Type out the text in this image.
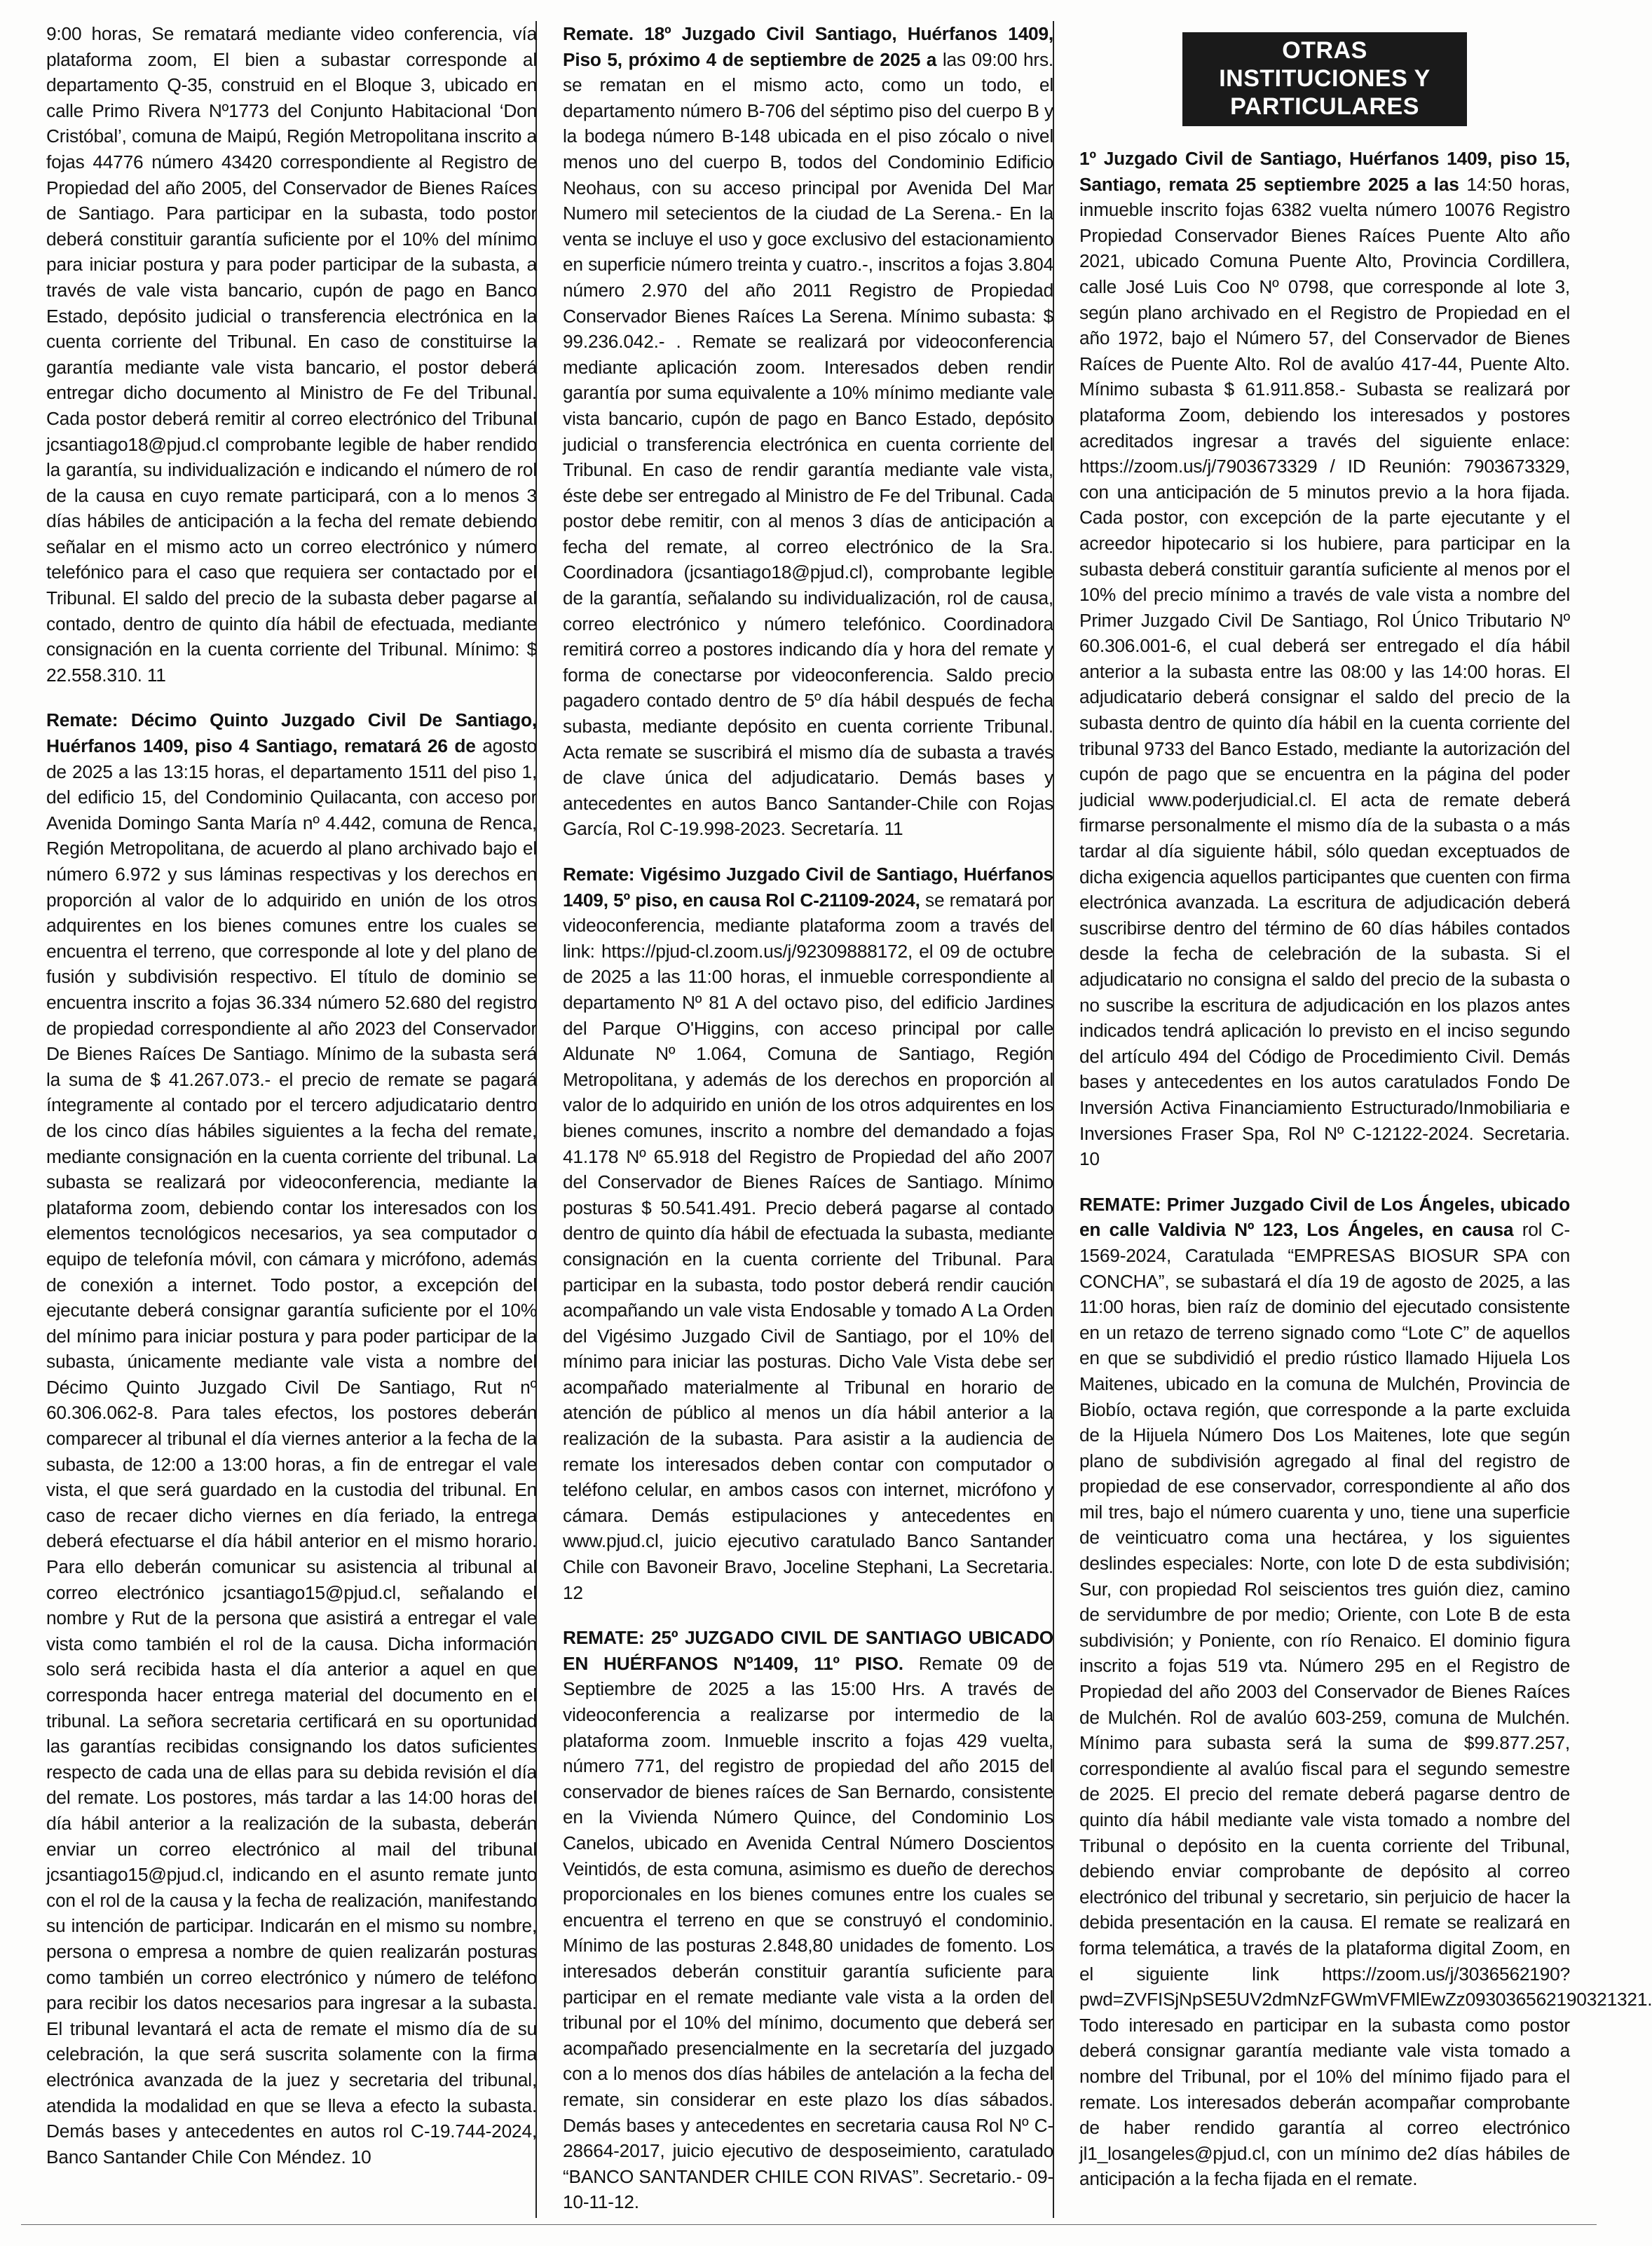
9:00 horas, Se rematará mediante video conferencia, vía plataforma zoom, El bien a subastar corresponde al departamento Q-35, construid en el Bloque 3, ubicado en calle Primo Rivera Nº1773 del Conjunto Habitacional ‘Don Cristóbal’, comuna de Maipú, Región Metropolitana inscrito a fojas 44776 número 43420 correspondiente al Registro de Propiedad del año 2005, del Conservador de Bienes Raíces de Santiago. Para participar en la subasta, todo postor deberá constituir garantía suficiente por el 10% del mínimo para iniciar postura y para poder participar de la subasta, a través de vale vista bancario, cupón de pago en Banco Estado, depósito judicial o transferencia electrónica en la cuenta corriente del Tribunal. En caso de constituirse la garantía mediante vale vista bancario, el postor deberá entregar dicho documento al Ministro de Fe del Tribunal. Cada postor deberá remitir al correo electrónico del Tribunal jcsantiago18@pjud.cl comprobante legible de haber rendido la garantía, su individualización e indicando el número de rol de la causa en cuyo remate participará, con a lo menos 3 días hábiles de anticipación a la fecha del remate debiendo señalar en el mismo acto un correo electrónico y número telefónico para el caso que requiera ser contactado por el Tribunal. El saldo del precio de la subasta deber pagarse al contado, dentro de quinto día hábil de efectuada, mediante consignación en la cuenta corriente del Tribunal. Mínimo: $ 22.558.310. 11

Remate: Décimo Quinto Juzgado Civil De Santiago, Huérfanos 1409, piso 4 Santiago, rematará 26 de agosto de 2025 a las 13:15 horas, el departamento 1511 del piso 1, del edificio 15, del Condominio Quilacanta, con acceso por Avenida Domingo Santa María nº 4.442, comuna de Renca, Región Metropolitana, de acuerdo al plano archivado bajo el número 6.972 y sus láminas respectivas y los derechos en proporción al valor de lo adquirido en unión de los otros adquirentes en los bienes comunes entre los cuales se encuentra el terreno, que corresponde al lote y del plano de fusión y subdivisión respectivo. El título de dominio se encuentra inscrito a fojas 36.334 número 52.680 del registro de propiedad correspondiente al año 2023 del Conservador De Bienes Raíces De Santiago. Mínimo de la subasta será la suma de $ 41.267.073.- el precio de remate se pagará íntegramente al contado por el tercero adjudicatario dentro de los cinco días hábiles siguientes a la fecha del remate, mediante consignación en la cuenta corriente del tribunal. La subasta se realizará por videoconferencia, mediante la plataforma zoom, debiendo contar los interesados con los elementos tecnológicos necesarios, ya sea computador o equipo de telefonía móvil, con cámara y micrófono, además de conexión a internet. Todo postor, a excepción del ejecutante deberá consignar garantía suficiente por el 10% del mínimo para iniciar postura y para poder participar de la subasta, únicamente mediante vale vista a nombre del Décimo Quinto Juzgado Civil De Santiago, Rut nº 60.306.062-8. Para tales efectos, los postores deberán comparecer al tribunal el día viernes anterior a la fecha de la subasta, de 12:00 a 13:00 horas, a fin de entregar el vale vista, el que será guardado en la custodia del tribunal. En caso de recaer dicho viernes en día feriado, la entrega deberá efectuarse el día hábil anterior en el mismo horario. Para ello deberán comunicar su asistencia al tribunal al correo electrónico jcsantiago15@pjud.cl, señalando el nombre y Rut de la persona que asistirá a entregar el vale vista como también el rol de la causa. Dicha información solo será recibida hasta el día anterior a aquel en que corresponda hacer entrega material del documento en el tribunal. La señora secretaria certificará en su oportunidad las garantías recibidas consignando los datos suficientes respecto de cada una de ellas para su debida revisión el día del remate. Los postores, más tardar a las 14:00 horas del día hábil anterior a la realización de la subasta, deberán enviar un correo electrónico al mail del tribunal jcsantiago15@pjud.cl, indicando en el asunto remate junto con el rol de la causa y la fecha de realización, manifestando su intención de participar. Indicarán en el mismo su nombre, persona o empresa a nombre de quien realizarán posturas como también un correo electrónico y número de teléfono para recibir los datos necesarios para ingresar a la subasta. El tribunal levantará el acta de remate el mismo día de su celebración, la que será suscrita solamente con la firma electrónica avanzada de la juez y secretaria del tribunal, atendida la modalidad en que se lleva a efecto la subasta. Demás bases y antecedentes en autos rol C-19.744-2024, Banco Santander Chile Con Méndez. 10

Remate. 18º Juzgado Civil Santiago, Huérfanos 1409, Piso 5, próximo 4 de septiembre de 2025 a las 09:00 hrs. se rematan en el mismo acto, como un todo, el departamento número B-706 del séptimo piso del cuerpo B y la bodega número B-148 ubicada en el piso zócalo o nivel menos uno del cuerpo B, todos del Condominio Edificio Neohaus, con su acceso principal por Avenida Del Mar Numero mil setecientos de la ciudad de La Serena.- En la venta se incluye el uso y goce exclusivo del estacionamiento en superficie número treinta y cuatro.-, inscritos a fojas 3.804 número 2.970 del año 2011 Registro de Propiedad Conservador Bienes Raíces La Serena. Mínimo subasta: $ 99.236.042.- . Remate se realizará por videoconferencia mediante aplicación zoom. Interesados deben rendir garantía por suma equivalente a 10% mínimo mediante vale vista bancario, cupón de pago en Banco Estado, depósito judicial o transferencia electrónica en cuenta corriente del Tribunal. En caso de rendir garantía mediante vale vista, éste debe ser entregado al Ministro de Fe del Tribunal. Cada postor debe remitir, con al menos 3 días de anticipación a fecha del remate, al correo electrónico de la Sra. Coordinadora (jcsantiago18@pjud.cl), comprobante legible de la garantía, señalando su individualización, rol de causa, correo electrónico y número telefónico. Coordinadora remitirá correo a postores indicando día y hora del remate y forma de conectarse por videoconferencia. Saldo precio pagadero contado dentro de 5º día hábil después de fecha subasta, mediante depósito en cuenta corriente Tribunal. Acta remate se suscribirá el mismo día de subasta a través de clave única del adjudicatario. Demás bases y antecedentes en autos Banco Santander-Chile con Rojas García, Rol C-19.998-2023. Secretaría. 11

Remate: Vigésimo Juzgado Civil de Santiago, Huérfanos 1409, 5º piso, en causa Rol C-21109-2024, se rematará por videoconferencia, mediante plataforma zoom a través del link: https://pjud-cl.zoom.us/j/92309888172, el 09 de octubre de 2025 a las 11:00 horas, el inmueble correspondiente al departamento Nº 81 A del octavo piso, del edificio Jardines del Parque O'Higgins, con acceso principal por calle Aldunate Nº 1.064, Comuna de Santiago, Región Metropolitana, y además de los derechos en proporción al valor de lo adquirido en unión de los otros adquirentes en los bienes comunes, inscrito a nombre del demandado a fojas 41.178 Nº 65.918 del Registro de Propiedad del año 2007 del Conservador de Bienes Raíces de Santiago. Mínimo posturas $ 50.541.491. Precio deberá pagarse al contado dentro de quinto día hábil de efectuada la subasta, mediante consignación en la cuenta corriente del Tribunal. Para participar en la subasta, todo postor deberá rendir caución acompañando un vale vista Endosable y tomado A La Orden del Vigésimo Juzgado Civil de Santiago, por el 10% del mínimo para iniciar las posturas. Dicho Vale Vista debe ser acompañado materialmente al Tribunal en horario de atención de público al menos un día hábil anterior a la realización de la subasta. Para asistir a la audiencia de remate los interesados deben contar con computador o teléfono celular, en ambos casos con internet, micrófono y cámara. Demás estipulaciones y antecedentes en www.pjud.cl, juicio ejecutivo caratulado Banco Santander Chile con Bavoneir Bravo, Joceline Stephani, La Secretaria. 12

REMATE: 25º JUZGADO CIVIL DE SANTIAGO UBICADO EN HUÉRFANOS Nº1409, 11º PISO. Remate 09 de Septiembre de 2025 a las 15:00 Hrs. A través de videoconferencia a realizarse por intermedio de la plataforma zoom. Inmueble inscrito a fojas 429 vuelta, número 771, del registro de propiedad del año 2015 del conservador de bienes raíces de San Bernardo, consistente en la Vivienda Número Quince, del Condominio Los Canelos, ubicado en Avenida Central Número Doscientos Veintidós, de esta comuna, asimismo es dueño de derechos proporcionales en los bienes comunes entre los cuales se encuentra el terreno en que se construyó el condominio. Mínimo de las posturas 2.848,80 unidades de fomento. Los interesados deberán constituir garantía suficiente para participar en el remate mediante vale vista a la orden del tribunal por el 10% del mínimo, documento que deberá ser acompañado presencialmente en la secretaría del juzgado con a lo menos dos días hábiles de antelación a la fecha del remate, sin considerar en este plazo los días sábados. Demás bases y antecedentes en secretaria causa Rol Nº C-28664-2017, juicio ejecutivo de desposeimiento, caratulado “BANCO SANTANDER CHILE CON RIVAS”. Secretario.- 09-10-11-12.

OTRAS INSTITUCIONES Y PARTICULARES

1º Juzgado Civil de Santiago, Huérfanos 1409, piso 15, Santiago, remata 25 septiembre 2025 a las 14:50 horas, inmueble inscrito fojas 6382 vuelta número 10076 Registro Propiedad Conservador Bienes Raíces Puente Alto año 2021, ubicado Comuna Puente Alto, Provincia Cordillera, calle José Luis Coo Nº 0798, que corresponde al lote 3, según plano archivado en el Registro de Propiedad en el año 1972, bajo el Número 57, del Conservador de Bienes Raíces de Puente Alto. Rol de avalúo 417-44, Puente Alto. Mínimo subasta $ 61.911.858.- Subasta se realizará por plataforma Zoom, debiendo los interesados y postores acreditados ingresar a través del siguiente enlace: https://zoom.us/j/7903673329 / ID Reunión: 7903673329, con una anticipación de 5 minutos previo a la hora fijada. Cada postor, con excepción de la parte ejecutante y el acreedor hipotecario si los hubiere, para participar en la subasta deberá constituir garantía suficiente al menos por el 10% del precio mínimo a través de vale vista a nombre del Primer Juzgado Civil De Santiago, Rol Único Tributario Nº 60.306.001-6, el cual deberá ser entregado el día hábil anterior a la subasta entre las 08:00 y las 14:00 horas. El adjudicatario deberá consignar el saldo del precio de la subasta dentro de quinto día hábil en la cuenta corriente del tribunal 9733 del Banco Estado, mediante la autorización del cupón de pago que se encuentra en la página del poder judicial www.poderjudicial.cl. El acta de remate deberá firmarse personalmente el mismo día de la subasta o a más tardar al día siguiente hábil, sólo quedan exceptuados de dicha exigencia aquellos participantes que cuenten con firma electrónica avanzada. La escritura de adjudicación deberá suscribirse dentro del término de 60 días hábiles contados desde la fecha de celebración de la subasta. Si el adjudicatario no consigna el saldo del precio de la subasta o no suscribe la escritura de adjudicación en los plazos antes indicados tendrá aplicación lo previsto en el inciso segundo del artículo 494 del Código de Procedimiento Civil. Demás bases y antecedentes en los autos caratulados Fondo De Inversión Activa Financiamiento Estructurado/Inmobiliaria e Inversiones Fraser Spa, Rol Nº C-12122-2024. Secretaria. 10

REMATE: Primer Juzgado Civil de Los Ángeles, ubicado en calle Valdivia Nº 123, Los Ángeles, en causa rol C-1569-2024, Caratulada “EMPRESAS BIOSUR SPA con CONCHA”, se subastará el día 19 de agosto de 2025, a las 11:00 horas, bien raíz de dominio del ejecutado consistente en un retazo de terreno signado como “Lote C” de aquellos en que se subdividió el predio rústico llamado Hijuela Los Maitenes, ubicado en la comuna de Mulchén, Provincia de Biobío, octava región, que corresponde a la parte excluida de la Hijuela Número Dos Los Maitenes, lote que según plano de subdivisión agregado al final del registro de propiedad de ese conservador, correspondiente al año dos mil tres, bajo el número cuarenta y uno, tiene una superficie de veinticuatro coma una hectárea, y los siguientes deslindes especiales: Norte, con lote D de esta subdivisión; Sur, con propiedad Rol seiscientos tres guión diez, camino de servidumbre de por medio; Oriente, con Lote B de esta subdivisión; y Poniente, con río Renaico. El dominio figura inscrito a fojas 519 vta. Número 295 en el Registro de Propiedad del año 2003 del Conservador de Bienes Raíces de Mulchén. Rol de avalúo 603-259, comuna de Mulchén. Mínimo para subasta será la suma de $99.877.257, correspondiente al avalúo fiscal para el segundo semestre de 2025. El precio del remate deberá pagarse dentro de quinto día hábil mediante vale vista tomado a nombre del Tribunal o depósito en la cuenta corriente del Tribunal, debiendo enviar comprobante de depósito al correo electrónico del tribunal y secretario, sin perjuicio de hacer la debida presentación en la causa. El remate se realizará en forma telemática, a través de la plataforma digital Zoom, en el siguiente link https://zoom.us/j/3036562190?pwd=ZVFISjNpSE5UV2dmNzFGWmVFMlEwZz093036562190321321. Todo interesado en participar en la subasta como postor deberá consignar garantía mediante vale vista tomado a nombre del Tribunal, por el 10% del mínimo fijado para el remate. Los interesados deberán acompañar comprobante de haber rendido garantía al correo electrónico jl1_losangeles@pjud.cl, con un mínimo de2 días hábiles de anticipación a la fecha fijada en el remate.
